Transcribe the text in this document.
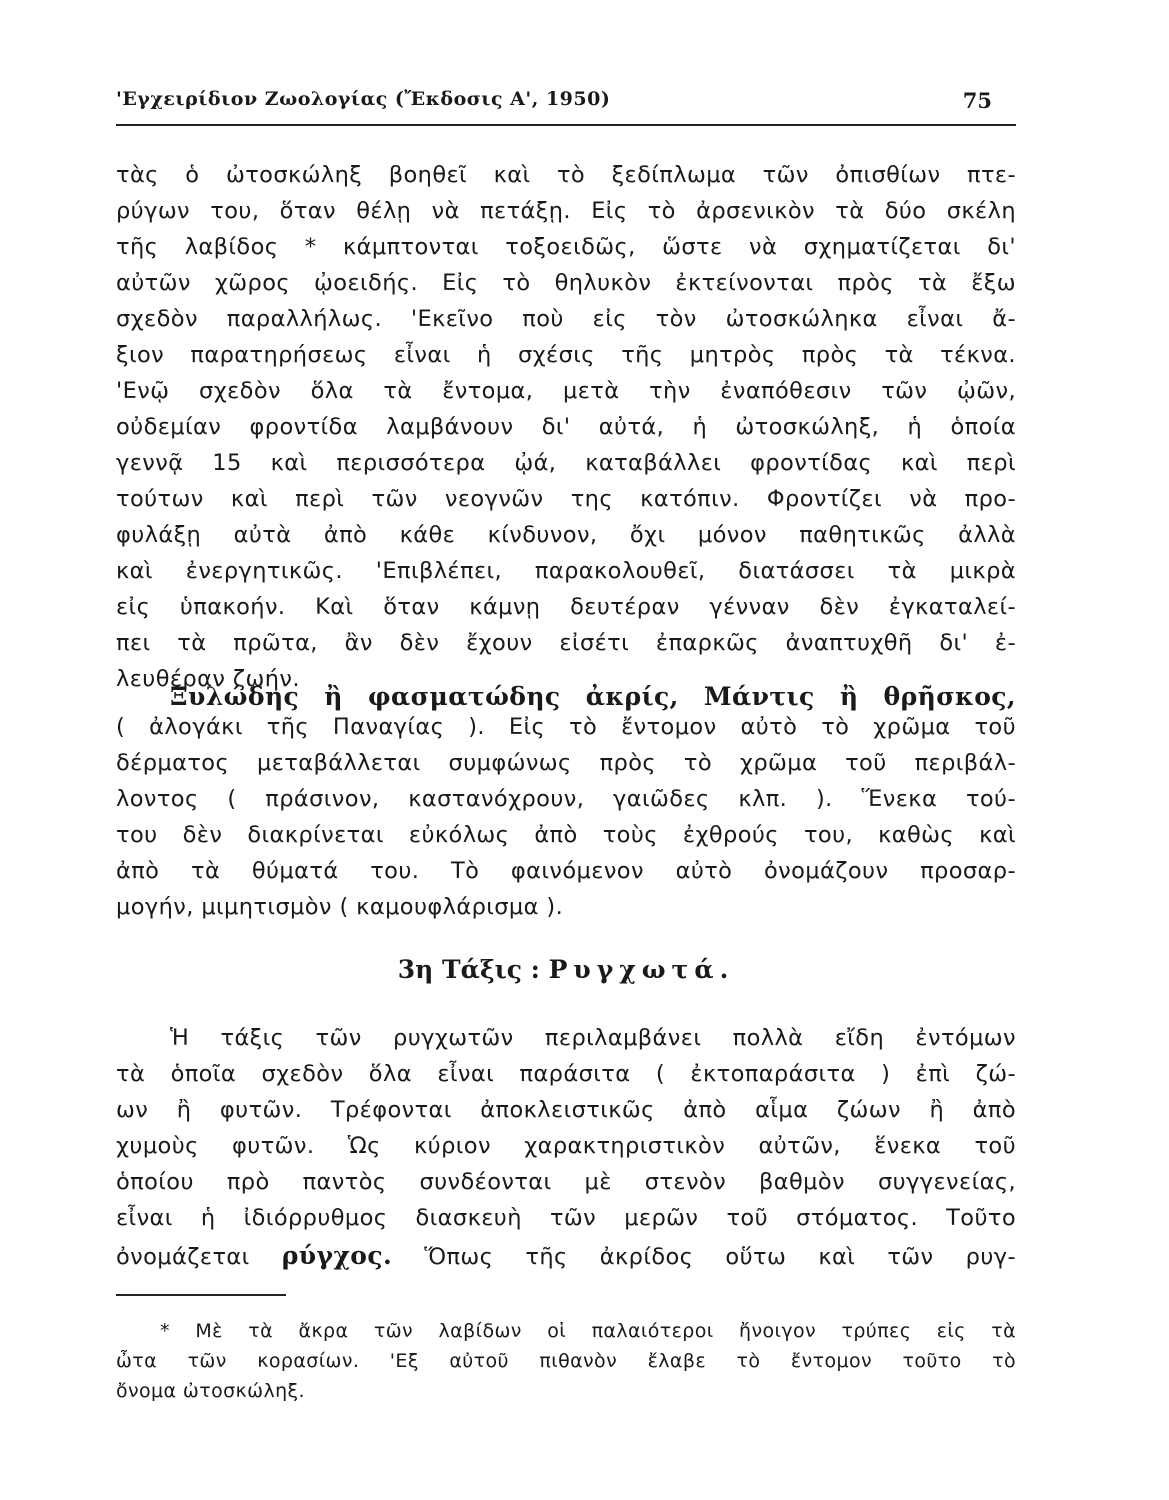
'Εγχειρίδιον Ζωολογίας (Ἔκδοσις Α', 1950)	75
τὰς ὁ ὠτοσκώληξ βοηθεῖ καὶ τὸ ξεδίπλωμα τῶν ὀπισθίων πτε-
ρύγων του, ὅταν θέλῃ νὰ πετάξῃ. Εἰς τὸ ἀρσενικὸν τὰ δύο σκέλη
τῆς λαβίδος * κάμπτονται τοξοειδῶς, ὥστε νὰ σχηματίζεται δι'
αὐτῶν χῶρος ᾠοειδής. Εἰς τὸ θηλυκὸν ἐκτείνονται πρὸς τὰ ἔξω
σχεδὸν παραλλήλως. 'Εκεῖνο ποὺ εἰς τὸν ὠτοσκώληκα εἶναι ἄ-
ξιον παρατηρήσεως εἶναι ἡ σχέσις τῆς μητρὸς πρὸς τὰ τέκνα.
'Ενῷ σχεδὸν ὅλα τὰ ἔντομα, μετὰ τὴν ἐναπόθεσιν τῶν ᾠῶν,
οὐδεμίαν φροντίδα λαμβάνουν δι' αὐτά, ἡ ὠτοσκώληξ, ἡ ὁποία
γεννᾷ 15 καὶ περισσότερα ᾠά, καταβάλλει φροντίδας καὶ περὶ
τούτων καὶ περὶ τῶν νεογνῶν της κατόπιν. Φροντίζει νὰ προ-
φυλάξῃ αὐτὰ ἀπὸ κάθε κίνδυνον, ὄχι μόνον παθητικῶς ἀλλὰ
καὶ ἐνεργητικῶς. 'Επιβλέπει, παρακολουθεῖ, διατάσσει τὰ μικρὰ
εἰς ὑπακοήν. Καὶ ὅταν κάμνῃ δευτέραν γένναν δὲν ἐγκαταλεί-
πει τὰ πρῶτα, ἂν δὲν ἔχουν εἰσέτι ἐπαρκῶς ἀναπτυχθῆ δι' ἐ-
λευθέραν ζωήν.
Ξυλώδης ἢ φασματώδης ἀκρίς, Μάντις ἢ θρῆσκος,
( ἀλογάκι τῆς Παναγίας ). Εἰς τὸ ἔντομον αὐτὸ τὸ χρῶμα τοῦ
δέρματος μεταβάλλεται συμφώνως πρὸς τὸ χρῶμα τοῦ περιβάλ-
λοντος ( πράσινον, καστανόχρουν, γαιῶδες κλπ. ). Ἕνεκα τού-
του δὲν διακρίνεται εὐκόλως ἀπὸ τοὺς ἐχθρούς του, καθὼς καὶ
ἀπὸ τὰ θύματά του. Τὸ φαινόμενον αὐτὸ ὀνομάζουν προσαρ-
μογήν, μιμητισμὸν ( καμουφλάρισμα ).
3η Τάξις : Ρυγχωτά.
Ἡ τάξις τῶν ρυγχωτῶν περιλαμβάνει πολλὰ εἴδη ἐντόμων
τὰ ὁποῖα σχεδὸν ὅλα εἶναι παράσιτα ( ἐκτοπαράσιτα ) ἐπὶ ζώ-
ων ἢ φυτῶν. Τρέφονται ἀποκλειστικῶς ἀπὸ αἷμα ζώων ἢ ἀπὸ
χυμοὺς φυτῶν. Ὡς κύριον χαρακτηριστικὸν αὐτῶν, ἕνεκα τοῦ
ὁποίου πρὸ παντὸς συνδέονται μὲ στενὸν βαθμὸν συγγενείας,
εἶναι ἡ ἰδιόρρυθμος διασκευὴ τῶν μερῶν τοῦ στόματος. Τοῦτο
ὀνομάζεται ρύγχος. Ὅπως τῆς ἀκρίδος οὕτω καὶ τῶν ρυγ-
* Μὲ τὰ ἄκρα τῶν λαβίδων οἱ παλαιότεροι ἤνοιγον τρύπες εἰς τὰ
ὦτα τῶν κορασίων. 'Εξ αὐτοῦ πιθανὸν ἔλαβε τὸ ἔντομον τοῦτο τὸ
ὄνομα ὠτοσκώληξ.
